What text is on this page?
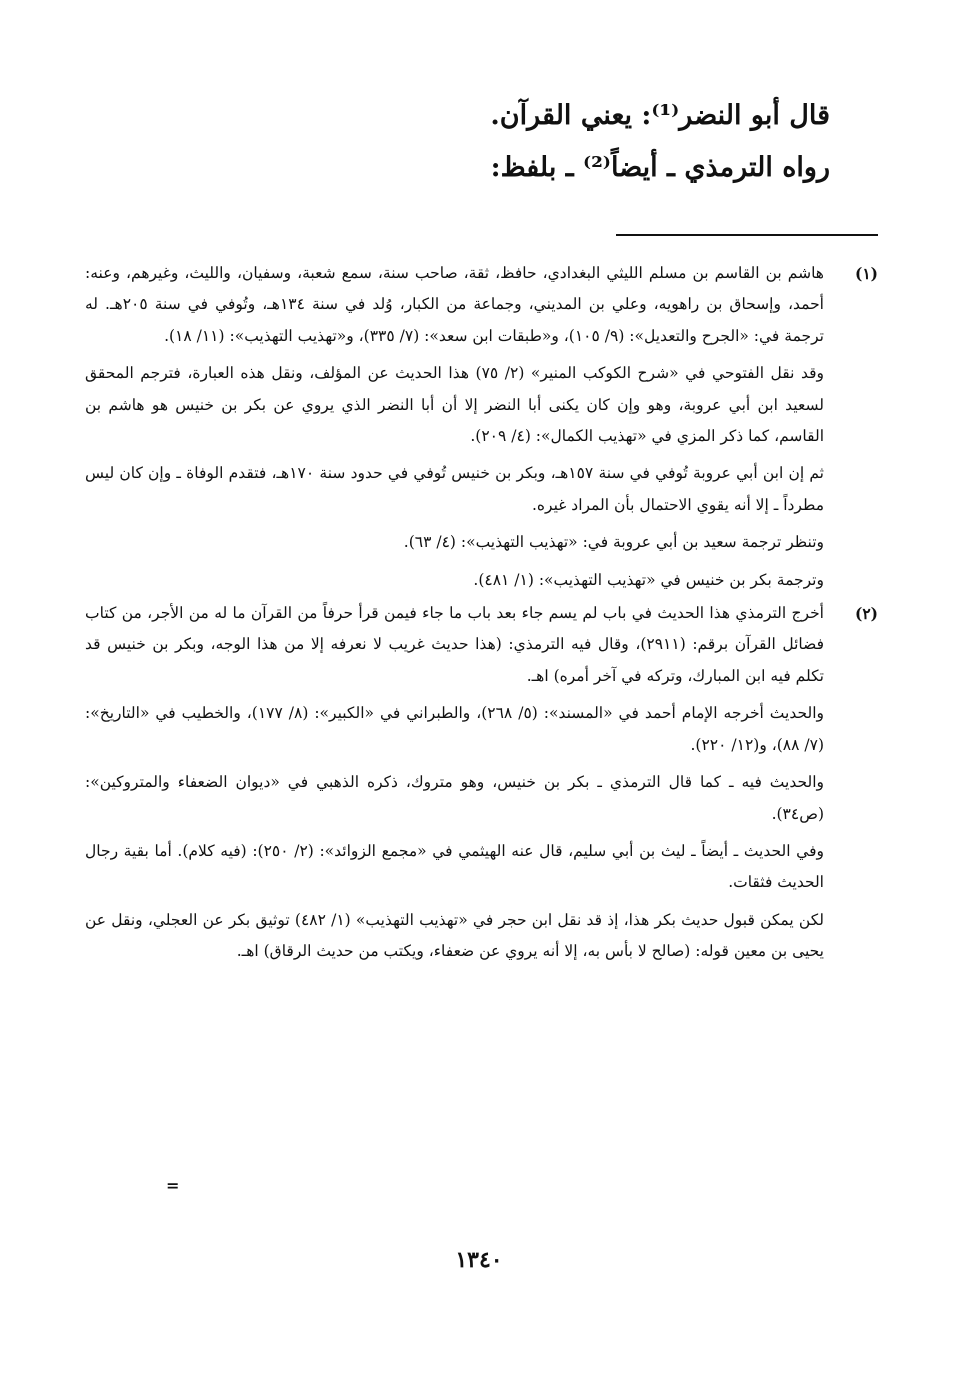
قال أبو النضر⁽¹⁾: يعني القرآن.

رواه الترمذي ـ أيضاً⁽²⁾ ـ بلفظ:

(١)

هاشم بن القاسم بن مسلم الليثي البغدادي، حافظ، ثقة، صاحب سنة، سمع شعبة، وسفيان، والليث، وغيرهم، وعنه: أحمد، وإسحاق بن راهويه، وعلي بن المديني، وجماعة من الكبار، وُلد في سنة ١٣٤هـ، وتُوفي في سنة ٢٠٥هـ. له ترجمة في: «الجرح والتعديل»: (٩/ ١٠٥)، و«طبقات ابن سعد»: (٧/ ٣٣٥)، و«تهذيب التهذيب»: (١١/ ١٨).

وقد نقل الفتوحي في «شرح الكوكب المنير» (٢/ ٧٥) هذا الحديث عن المؤلف، ونقل هذه العبارة، فترجم المحقق لسعيد ابن أبي عروبة، وهو وإن كان يكنى أبا النضر إلا أن أبا النضر الذي يروي عن بكر بن خنيس هو هاشم بن القاسم، كما ذكر المزي في «تهذيب الكمال»: (٤/ ٢٠٩).

ثم إن ابن أبي عروبة تُوفي في سنة ١٥٧هـ، وبكر بن خنيس تُوفي في حدود سنة ١٧٠هـ، فتقدم الوفاة ـ وإن كان ليس مطرداً ـ إلا أنه يقوي الاحتمال بأن المراد غيره.

وتنظر ترجمة سعيد بن أبي عروبة في: «تهذيب التهذيب»: (٤/ ٦٣).

وترجمة بكر بن خنيس في «تهذيب التهذيب»: (١/ ٤٨١).

(٢)

أخرج الترمذي هذا الحديث في باب لم يسم جاء بعد باب ما جاء فيمن قرأ حرفاً من القرآن ما له من الأجر، من كتاب فضائل القرآن برقم: (٢٩١١)، وقال فيه الترمذي: (هذا حديث غريب لا نعرفه إلا من هذا الوجه، وبكر بن خنيس قد تكلم فيه ابن المبارك، وتركه في آخر أمره) اهـ.

والحديث أخرجه الإمام أحمد في «المسند»: (٥/ ٢٦٨)، والطبراني في «الكبير»: (٨/ ١٧٧)، والخطيب في «التاريخ»: (٧/ ٨٨)، و(١٢/ ٢٢٠).

والحديث فيه ـ كما قال الترمذي ـ بكر بن خنيس، وهو متروك، ذكره الذهبي في «ديوان الضعفاء والمتروكين»: (ص٣٤).

وفي الحديث ـ أيضاً ـ ليث بن أبي سليم، قال عنه الهيثمي في «مجمع الزوائد»: (٢/ ٢٥٠): (فيه كلام). أما بقية رجال الحديث فثقات.

لكن يمكن قبول حديث بكر هذا، إذ قد نقل ابن حجر في «تهذيب التهذيب» (١/ ٤٨٢) توثيق بكر عن العجلي، ونقل عن يحيى بن معين قوله: (صالح لا بأس به، إلا أنه يروي عن ضعفاء، ويكتب من حديث الرقاق) اهـ.

=
١٣٤٠
